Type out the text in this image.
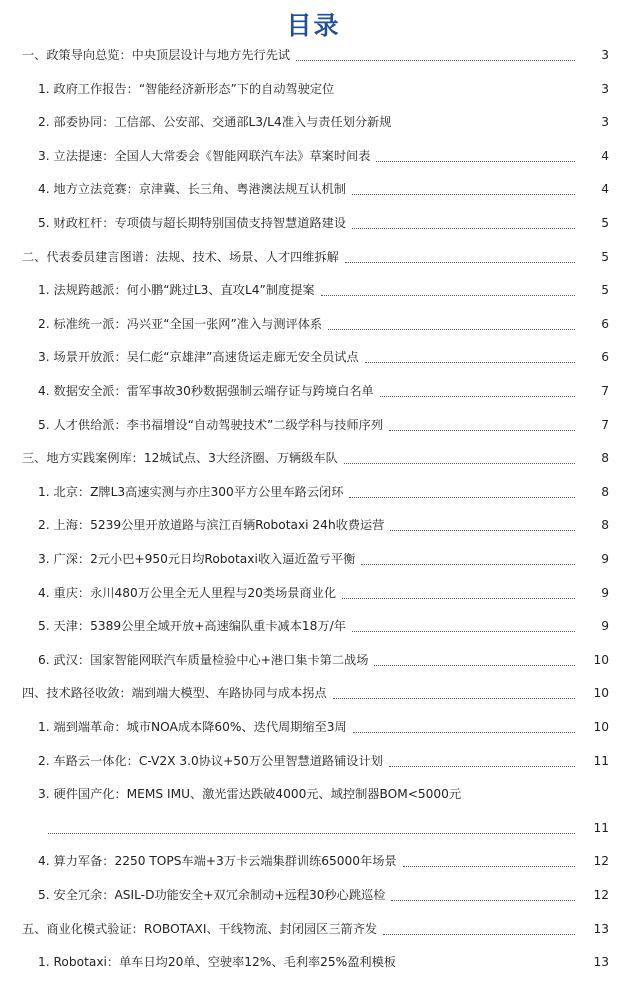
目录
一、政策导向总览：中央顶层设计与地方先行先试	3
1. 政府工作报告：“智能经济新形态”下的自动驾驶定位	3
2. 部委协同：工信部、公安部、交通部L3/L4准入与责任划分新规	3
3. 立法提速：全国人大常委会《智能网联汽车法》草案时间表	4
4. 地方立法竞赛：京津冀、长三角、粤港澳法规互认机制	4
5. 财政杠杆：专项债与超长期特别国债支持智慧道路建设	5
二、代表委员建言图谱：法规、技术、场景、人才四维拆解	5
1. 法规跨越派：何小鹏“跳过L3、直攻L4”制度提案	5
2. 标准统一派：冯兴亚“全国一张网”准入与测评体系	6
3. 场景开放派：吴仁彪“京雄津”高速货运走廊无安全员试点	6
4. 数据安全派：雷军事故30秒数据强制云端存证与跨境白名单	7
5. 人才供给派：李书福增设“自动驾驶技术”二级学科与技师序列	7
三、地方实践案例库：12城试点、3大经济圈、万辆级车队	8
1. 北京：Z牌L3高速实测与亦庄300平方公里车路云闭环	8
2. 上海：5239公里开放道路与滨江百辆Robotaxi 24h收费运营	8
3. 广深：2元小巴+950元日均Robotaxi收入逼近盈亏平衡	9
4. 重庆：永川480万公里全无人里程与20类场景商业化	9
5. 天津：5389公里全域开放+高速编队重卡减本18万/年	9
6. 武汉：国家智能网联汽车质量检验中心+港口集卡第二战场	10
四、技术路径收敛：端到端大模型、车路协同与成本拐点	10
1. 端到端革命：城市NOA成本降60%、迭代周期缩至3周	10
2. 车路云一体化：C-V2X 3.0协议+50万公里智慧道路铺设计划	11
3. 硬件国产化：MEMS IMU、激光雷达跌破4000元、域控制器BOM<5000元
11
4. 算力军备：2250 TOPS车端+3万卡云端集群训练65000年场景	12
5. 安全冗余：ASIL-D功能安全+双冗余制动+远程30秒心跳巡检	12
五、商业化模式验证：ROBOTAXI、干线物流、封闭园区三箭齐发	13
1. Robotaxi：单车日均20单、空驶率12%、毛利率25%盈利模板	13
